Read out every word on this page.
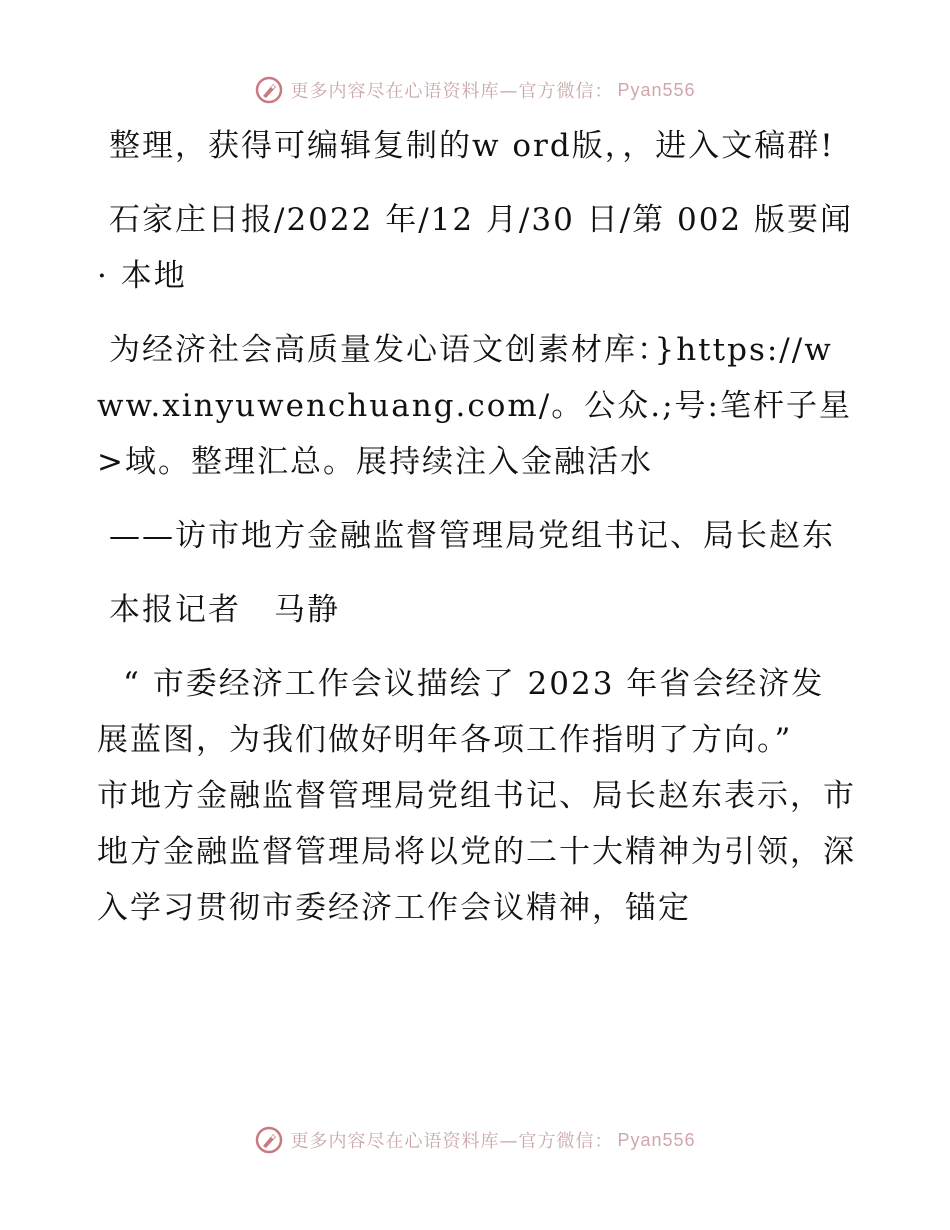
更多内容尽在心语资料库—官方微信： Pyan556

整理，获得可编辑复制的w ord版，，进入文稿群!

石家庄日报/2022 年/12 月/30 日/第 002 版要闻· 本地

为经济社会高质量发心语文创素材库：}https://www.xinyuwenchuang.com/。公众.;号:笔杆子星>域。整理汇总。展持续注入金融活水

——访市地方金融监督管理局党组书记、局长赵东

本报记者　马静

“ 市委经济工作会议描绘了 2023 年省会经济发展蓝图，为我们做好明年各项工作指明了方向。”　市地方金融监督管理局党组书记、局长赵东表示，市地方金融监督管理局将以党的二十大精神为引领，深入学习贯彻市委经济工作会议精神，锚定

更多内容尽在心语资料库—官方微信： Pyan556
